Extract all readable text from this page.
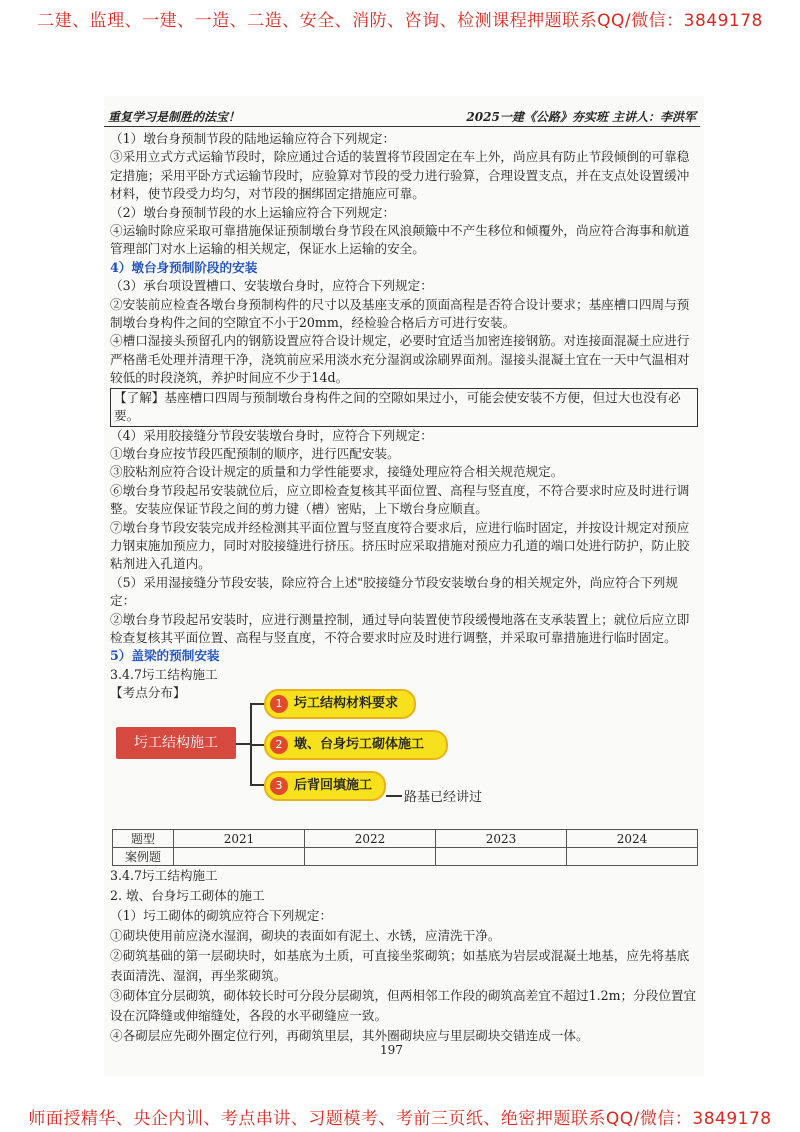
二建、监理、一建、一造、二造、安全、消防、咨询、检测课程押题联系QQ/微信：3849178
重复学习是制胜的法宝！	2025一建《公路》夯实班 主讲人：李洪军

（1）墩台身预制节段的陆地运输应符合下列规定：

③采用立式方式运输节段时，除应通过合适的装置将节段固定在车上外，尚应具有防止节段倾倒的可靠稳

定措施；采用平卧方式运输节段时，应验算对节段的受力进行验算，合理设置支点，并在支点处设置缓冲

材料，使节段受力均匀，对节段的捆绑固定措施应可靠。

（2）墩台身预制节段的水上运输应符合下列规定：

④运输时除应采取可靠措施保证预制墩台身节段在风浪颠簸中不产生移位和倾覆外，尚应符合海事和航道

管理部门对水上运输的相关规定，保证水上运输的安全。

4）墩台身预制阶段的安装

（3）承台项设置槽口、安装墩台身时，应符合下列规定：

②安装前应检查各墩台身预制构件的尺寸以及基座支承的顶面高程是否符合设计要求；基座槽口四周与预

制墩台身构件之间的空隙宜不小于20mm，经检验合格后方可进行安装。

④槽口湿接头预留孔内的钢筋设置应符合设计规定，必要时宜适当加密连接钢筋。对连接面混凝土应进行

严格凿毛处理并清理干净，浇筑前应采用淡水充分湿润或涂刷界面剂。湿接头混凝土宜在一天中气温相对

较低的时段浇筑，养护时间应不少于14d。

【了解】基座槽口四周与预制墩台身构件之间的空隙如果过小，可能会使安装不方便，但过大也没有必要。

（4）采用胶接缝分节段安装墩台身时，应符合下列规定：

①墩台身应按节段匹配预制的顺序，进行匹配安装。

③胶粘剂应符合设计规定的质量和力学性能要求，接缝处理应符合相关规范规定。

⑥墩台身节段起吊安装就位后，应立即检查复核其平面位置、高程与竖直度，不符合要求时应及时进行调

整。安装应保证节段之间的剪力键（槽）密贴，上下墩台身应顺直。

⑦墩台身节段安装完成并经检测其平面位置与竖直度符合要求后，应进行临时固定，并按设计规定对预应

力钢束施加预应力，同时对胶接缝进行挤压。挤压时应采取措施对预应力孔道的端口处进行防护，防止胶

粘剂进入孔道内。

（5）采用湿接缝分节段安装，除应符合上述"胶接缝分节段安装墩台身的相关规定外，尚应符合下列规定：

②墩台身节段起吊安装时，应进行测量控制，通过导向装置使节段缓慢地落在支承装置上；就位后应立即

检查复核其平面位置、高程与竖直度，不符合要求时应及时进行调整，并采取可靠措施进行临时固定。

5）盖梁的预制安装

3.4.7圬工结构施工

【考点分布】

圬工结构施工
1 圬工结构材料要求
2 墩、台身圬工砌体施工
3 后背回填施工
路基已经讲过
题型	2021	2022	2023	2024
案例题				

3.4.7圬工结构施工

2. 墩、台身圬工砌体的施工

（1）圬工砌体的砌筑应符合下列规定：

①砌块使用前应浇水湿润，砌块的表面如有泥土、水锈，应清洗干净。

②砌筑基础的第一层砌块时，如基底为土质，可直接坐浆砌筑；如基底为岩层或混凝土地基，应先将基底

表面清洗、湿润，再坐浆砌筑。

③砌体宜分层砌筑，砌体较长时可分段分层砌筑，但两相邻工作段的砌筑高差宜不超过1.2m；分段位置宜

设在沉降缝或伸缩缝处，各段的水平砌缝应一致。

④各砌层应先砌外圈定位行列，再砌筑里层，其外圈砌块应与里层砌块交错连成一体。

197
师面授精华、央企内训、考点串讲、习题模考、考前三页纸、绝密押题联系QQ/微信：3849178
